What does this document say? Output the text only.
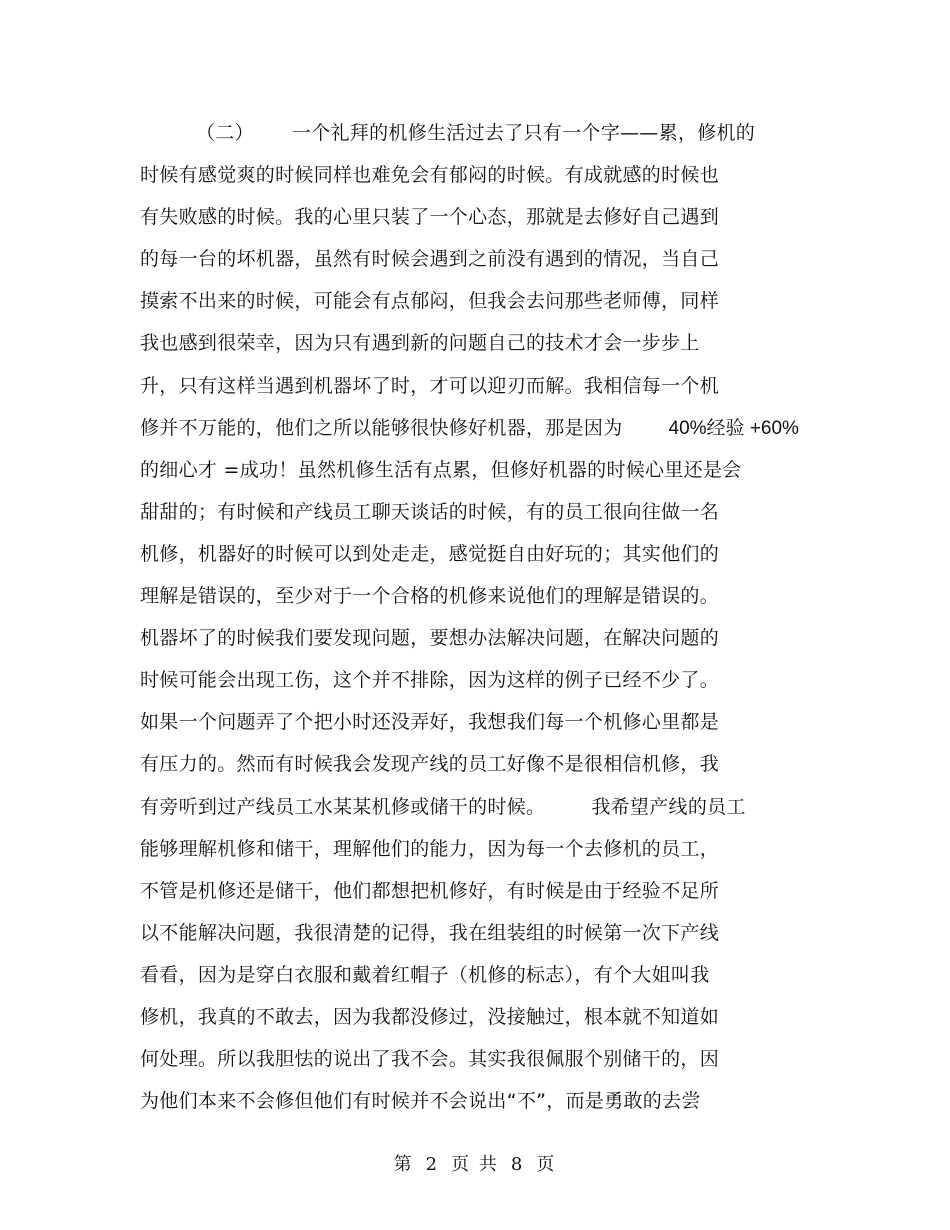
（二） 一个礼拜的机修生活过去了只有一个字——累，修机的
时候有感觉爽的时候同样也难免会有郁闷的时候。有成就感的时候也
有失败感的时候。我的心里只装了一个心态，那就是去修好自己遇到
的每一台的坏机器，虽然有时候会遇到之前没有遇到的情况，当自己
摸索不出来的时候，可能会有点郁闷，但我会去问那些老师傅，同样
我也感到很荣幸，因为只有遇到新的问题自己的技术才会一步步上
升，只有这样当遇到机器坏了时，才可以迎刃而解。我相信每一个机
修并不万能的，他们之所以能够很快修好机器，那是因为 40%经验 +60%
的细心才 =成功！虽然机修生活有点累，但修好机器的时候心里还是会
甜甜的；有时候和产线员工聊天谈话的时候，有的员工很向往做一名
机修，机器好的时候可以到处走走，感觉挺自由好玩的；其实他们的
理解是错误的，至少对于一个合格的机修来说他们的理解是错误的。
机器坏了的时候我们要发现问题，要想办法解决问题，在解决问题的
时候可能会出现工伤，这个并不排除，因为这样的例子已经不少了。
如果一个问题弄了个把小时还没弄好，我想我们每一个机修心里都是
有压力的。然而有时候我会发现产线的员工好像不是很相信机修，我
有旁听到过产线员工水某某机修或储干的时候。 我希望产线的员工
能够理解机修和储干，理解他们的能力，因为每一个去修机的员工，
不管是机修还是储干，他们都想把机修好，有时候是由于经验不足所
以不能解决问题，我很清楚的记得，我在组装组的时候第一次下产线
看看，因为是穿白衣服和戴着红帽子（机修的标志），有个大姐叫我
修机，我真的不敢去，因为我都没修过，没接触过，根本就不知道如
何处理。所以我胆怯的说出了我不会。其实我很佩服个别储干的，因
为他们本来不会修但他们有时候并不会说出“不”，而是勇敢的去尝
第 2 页 共 8 页
